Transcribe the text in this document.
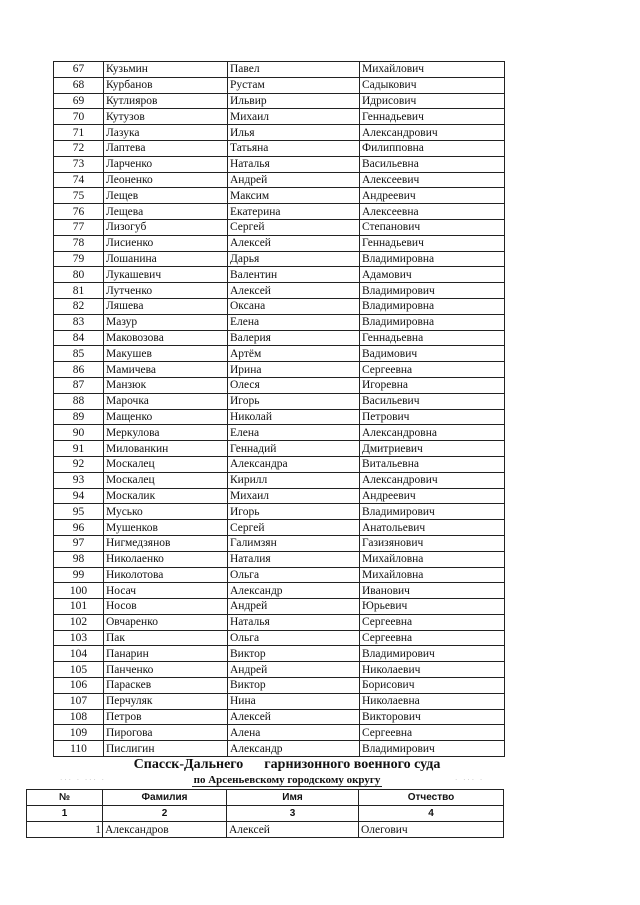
67	Кузьмин	Павел	Михайлович
68	Курбанов	Рустам	Садыкович
69	Кутлияров	Ильвир	Идрисович
70	Кутузов	Михаил	Геннадьевич
71	Лазука	Илья	Александрович
72	Лаптева	Татьяна	Филипповна
73	Ларченко	Наталья	Васильевна
74	Леоненко	Андрей	Алексеевич
75	Лещев	Максим	Андреевич
76	Лещева	Екатерина	Алексеевна
77	Лизогуб	Сергей	Степанович
78	Лисиенко	Алексей	Геннадьевич
79	Лошанина	Дарья	Владимировна
80	Лукашевич	Валентин	Адамович
81	Лутченко	Алексей	Владимирович
82	Ляшева	Оксана	Владимировна
83	Мазур	Елена	Владимировна
84	Маковозова	Валерия	Геннадьевна
85	Макушев	Артём	Вадимович
86	Мамичева	Ирина	Сергеевна
87	Манзюк	Олеся	Игоревна
88	Марочка	Игорь	Васильевич
89	Мащенко	Николай	Петрович
90	Меркулова	Елена	Александровна
91	Милованкин	Геннадий	Дмитриевич
92	Москалец	Александра	Витальевна
93	Москалец	Кирилл	Александрович
94	Москалик	Михаил	Андреевич
95	Мусько	Игорь	Владимирович
96	Мушенков	Сергей	Анатольевич
97	Нигмедзянов	Галимзян	Газизянович
98	Николаенко	Наталия	Михайловна
99	Николотова	Ольга	Михайловна
100	Носач	Александр	Иванович
101	Носов	Андрей	Юрьевич
102	Овчаренко	Наталья	Сергеевна
103	Пак	Ольга	Сергеевна
104	Панарин	Виктор	Владимирович
105	Панченко	Андрей	Николаевич
106	Параскев	Виктор	Борисович
107	Перчуляк	Нина	Николаевна
108	Петров	Алексей	Викторович
109	Пирогова	Алена	Сергеевна
110	Пислигин	Александр	Владимирович
Спасск-Дальнего      гарнизонного военного суда
по Арсеньевскому городскому округу
··· · ··· ·	· ··· ·
№	Фамилия	Имя	Отчество
1	2	3	4
1	Александров	Алексей	Олегович
